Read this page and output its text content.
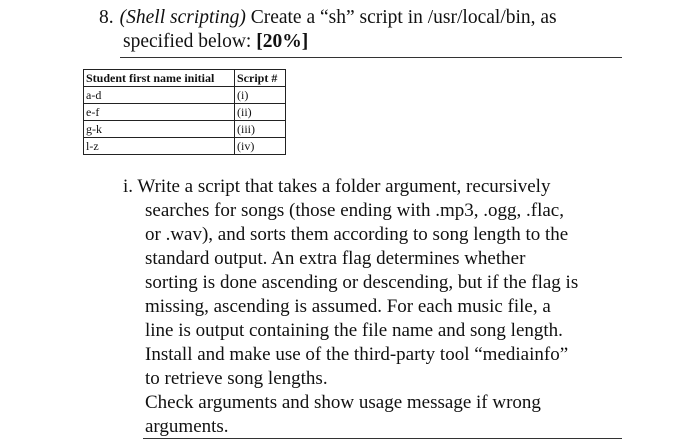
8. (Shell scripting) Create a “sh” script in /usr/local/bin, as
specified below: [20%]
Student first name initial	Script #
a-d	(i)
e-f	(ii)
g-k	(iii)
l-z	(iv)
i. Write a script that takes a folder argument, recursively
searches for songs (those ending with .mp3, .ogg, .flac,
or .wav), and sorts them according to song length to the
standard output. An extra flag determines whether
sorting is done ascending or descending, but if the flag is
missing, ascending is assumed. For each music file, a
line is output containing the file name and song length.
Install and make use of the third-party tool “mediainfo”
to retrieve song lengths.
Check arguments and show usage message if wrong
arguments.
